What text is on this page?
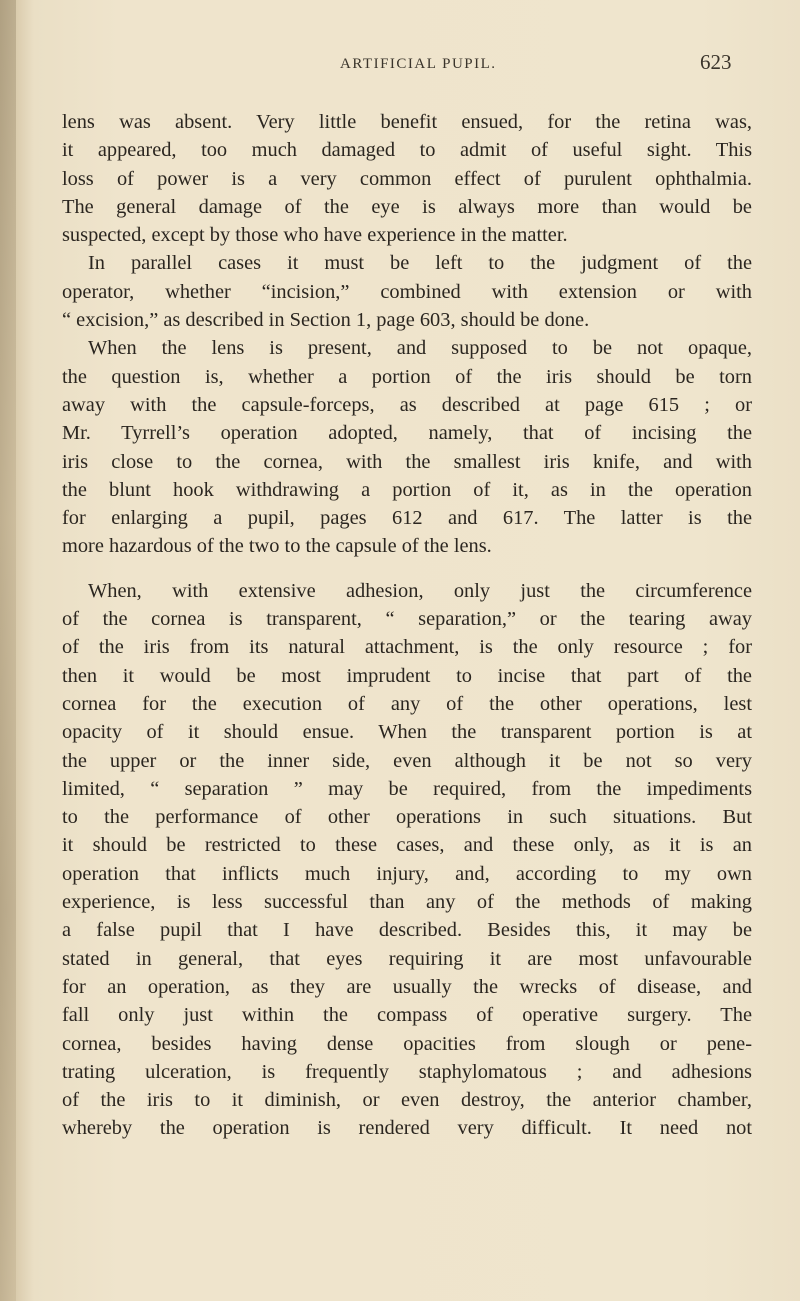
ARTIFICIAL PUPIL.	623
lens was absent. Very little benefit ensued, for the retina was,
it appeared, too much damaged to admit of useful sight. This
loss of power is a very common effect of purulent ophthalmia.
The general damage of the eye is always more than would be
suspected, except by those who have experience in the matter.
In parallel cases it must be left to the judgment of the
operator, whether “incision,” combined with extension or with
“ excision,” as described in Section 1, page 603, should be done.
When the lens is present, and supposed to be not opaque,
the question is, whether a portion of the iris should be torn
away with the capsule-forceps, as described at page 615 ; or
Mr. Tyrrell’s operation adopted, namely, that of incising the
iris close to the cornea, with the smallest iris knife, and with
the blunt hook withdrawing a portion of it, as in the operation
for enlarging a pupil, pages 612 and 617. The latter is the
more hazardous of the two to the capsule of the lens.
When, with extensive adhesion, only just the circumference
of the cornea is transparent, “ separation,” or the tearing away
of the iris from its natural attachment, is the only resource ; for
then it would be most imprudent to incise that part of the
cornea for the execution of any of the other operations, lest
opacity of it should ensue. When the transparent portion is at
the upper or the inner side, even although it be not so very
limited, “ separation ” may be required, from the impediments
to the performance of other operations in such situations. But
it should be restricted to these cases, and these only, as it is an
operation that inflicts much injury, and, according to my own
experience, is less successful than any of the methods of making
a false pupil that I have described. Besides this, it may be
stated in general, that eyes requiring it are most unfavourable
for an operation, as they are usually the wrecks of disease, and
fall only just within the compass of operative surgery. The
cornea, besides having dense opacities from slough or pene-
trating ulceration, is frequently staphylomatous ; and adhesions
of the iris to it diminish, or even destroy, the anterior chamber,
whereby the operation is rendered very difficult. It need not
